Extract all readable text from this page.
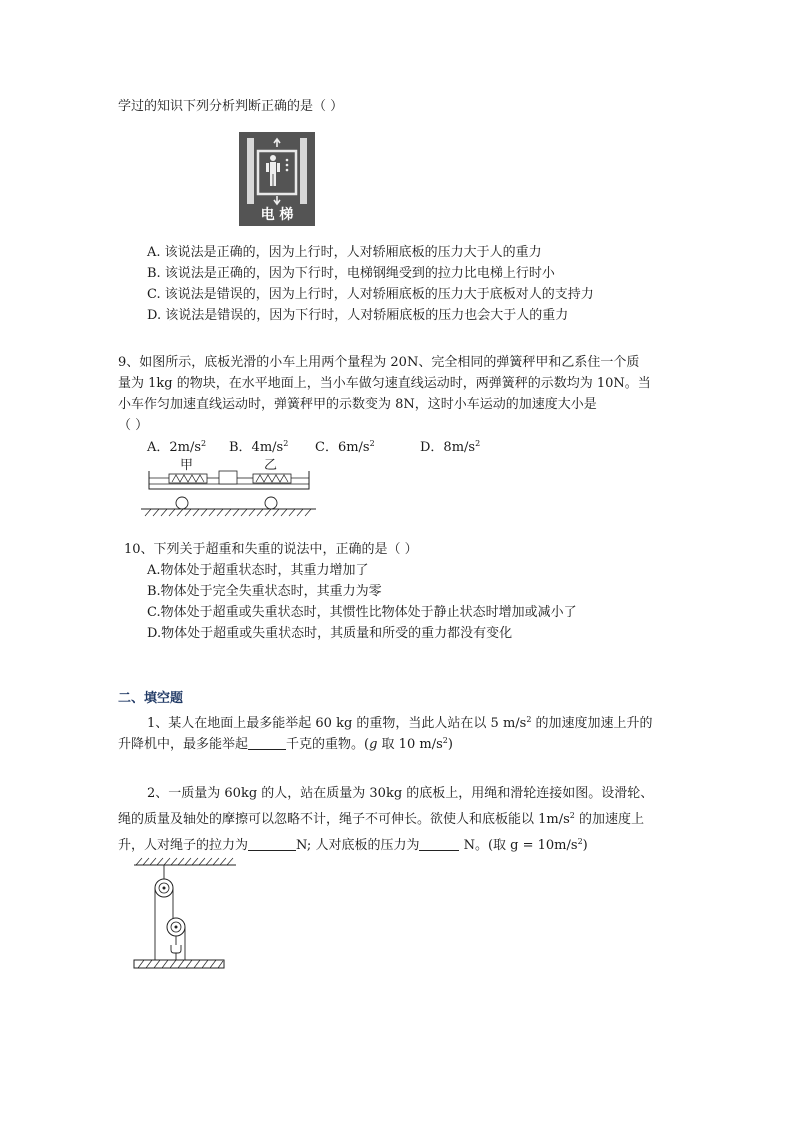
学过的知识下列分析判断正确的是（ ）
电 梯
A. 该说法是正确的，因为上行时，人对轿厢底板的压力大于人的重力
B. 该说法是正确的，因为下行时，电梯钢绳受到的拉力比电梯上行时小
C. 该说法是错误的，因为上行时，人对轿厢底板的压力大于底板对人的支持力
D. 该说法是错误的，因为下行时，人对轿厢底板的压力也会大于人的重力
9、如图所示，底板光滑的小车上用两个量程为 20N、完全相同的弹簧秤甲和乙系住一个质
量为 1kg 的物块，在水平地面上，当小车做匀速直线运动时，两弹簧秤的示数均为 10N。当
小车作匀加速直线运动时，弹簧秤甲的示数变为 8N，这时小车运动的加速度大小是
（ ）
A．$2m/s^2$ B．$4m/s^2$ C．$6m/s^2$	D．$8m/s^2$
甲	乙
10、下列关于超重和失重的说法中，正确的是（ ）
A.物体处于超重状态时，其重力增加了
B.物体处于完全失重状态时，其重力为零
C.物体处于超重或失重状态时，其惯性比物体处于静止状态时增加或减小了
D.物体处于超重或失重状态时，其质量和所受的重力都没有变化
二、填空题
1、某人在地面上最多能举起 60 kg 的重物，当此人站在以 5 $m/s^2$ 的加速度加速上升的
升降机中，最多能举起	千克的重物。(g 取 10 $m/s^2$)
2、一质量为 60kg 的人，站在质量为 30kg 的底板上，用绳和滑轮连接如图。设滑轮、
绳的质量及轴处的摩擦可以忽略不计，绳子不可伸长。欲使人和底板能以 $1m/s^2$ 的加速度上
升，人对绳子的拉力为	N; 人对底板的压力为	N。(取 $g = 10m/s^2$)
